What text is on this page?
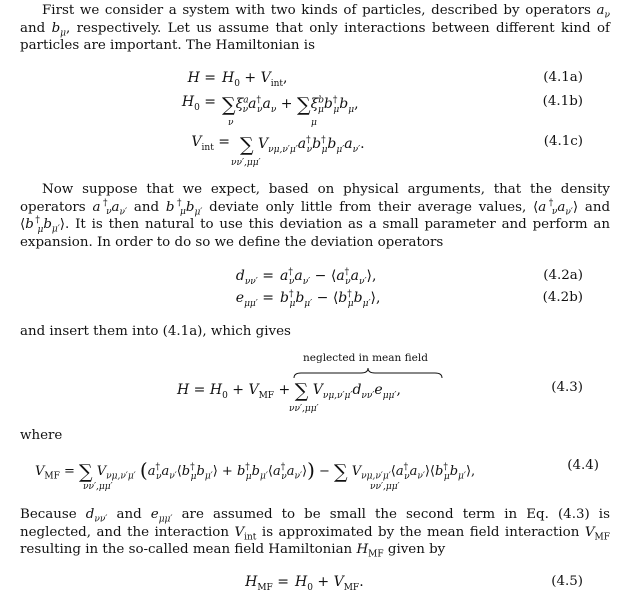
First we consider a system with two kinds of particles, described by operators $a_\nu$ and $b_\mu$, respectively. Let us assume that only interactions between different kind of particles are important. The Hamiltonian is
$H = H_0 + V_{int}$,	(4.1a)
$H_0 = \sum\xi^a_\nu a^\dagger_\nu a_\nu + \sum\xi^b_\mu b^\dagger_\mu b_\mu$,
ν	μ
(4.1b)
$V_{int}$ = ∑ $V_{\nu\mu,\nu'\mu'}a^\dagger_\nu b^\dagger_\mu b_{\mu'}a_{\nu'}$.
νν′,μμ′
(4.1c)
Now suppose that we expect, based on physical arguments, that the density operators $a^\dagger_\nu a_{\nu'}$ and $b^\dagger_\mu b_{\mu'}$ deviate only little from their average values, $⟨a^\dagger_\nu a_{\nu'}⟩$ and $⟨b^\dagger_\mu b_{\mu'}⟩$. It is then natural to use this deviation as a small parameter and perform an expansion. In order to do so we define the deviation operators
$d_{\nu\nu'} = a^\dagger_\nu a_{\nu'}$ − $⟨a^\dagger_\nu a_{\nu'}⟩$,	(4.2a)
$e_{\mu\mu'} = b^\dagger_\mu b_{\mu'}$ − $⟨b^\dagger_\mu b_{\mu'}⟩$,	(4.2b)
and insert them into (4.1a), which gives
neglected in mean field
$H = H_0 + V_{MF}$ + ∑ $V_{\nu\mu,\nu'\mu'}d_{\nu\nu'}e_{\mu\mu'}$,
νν′,μμ′
(4.3)
where
$V_{MF}$ = ∑ $V_{\nu\mu,\nu'\mu'}$ ($a^\dagger_\nu a_{\nu'}⟨b^\dagger_\mu b_{\mu'}⟩$ + $b^\dagger_\mu b_{\mu'}⟨a^\dagger_\nu a_{\nu'}⟩$) − ∑ $V_{\nu\mu,\nu'\mu'}⟨a^\dagger_\nu a_{\nu'}⟩⟨b^\dagger_\mu b_{\mu'}⟩$,
νν′,μμ′	νν′,μμ′
(4.4)
Because $d_{\nu\nu'}$ and $e_{\mu\mu'}$ are assumed to be small the second term in Eq. (4.3) is neglected, and the interaction $V_{int}$ is approximated by the mean field interaction $V_{MF}$ resulting in the so-called mean field Hamiltonian $H_{MF}$ given by
$H_{MF} = H_0 + V_{MF}$.	(4.5)
